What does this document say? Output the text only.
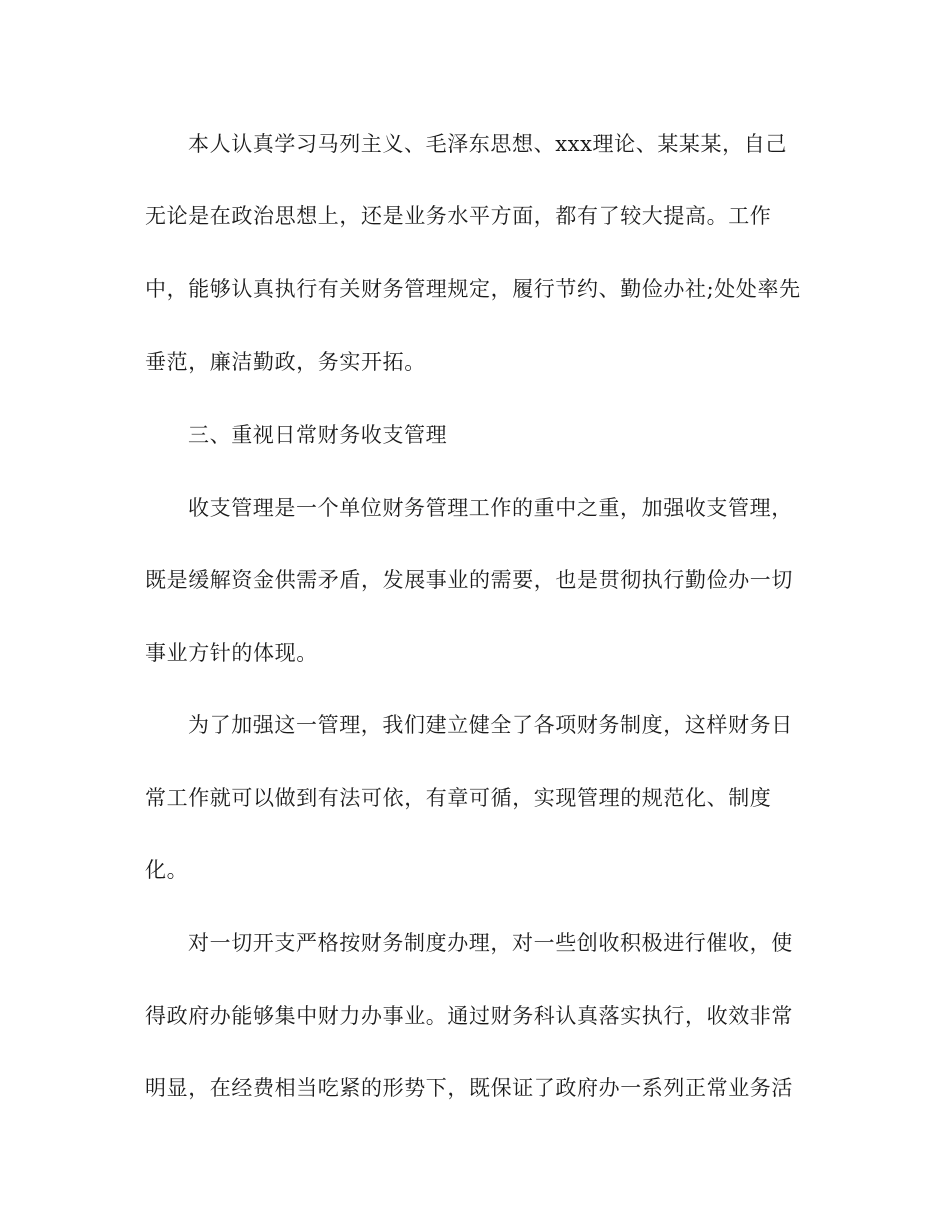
本人认真学习马列主义、毛泽东思想、xxx理论、某某某，自己
无论是在政治思想上，还是业务水平方面，都有了较大提高。工作
中，能够认真执行有关财务管理规定，履行节约、勤俭办社;处处率先
垂范，廉洁勤政，务实开拓。
三、重视日常财务收支管理
收支管理是一个单位财务管理工作的重中之重，加强收支管理，
既是缓解资金供需矛盾，发展事业的需要，也是贯彻执行勤俭办一切
事业方针的体现。
为了加强这一管理，我们建立健全了各项财务制度，这样财务日
常工作就可以做到有法可依，有章可循，实现管理的规范化、制度
化。
对一切开支严格按财务制度办理，对一些创收积极进行催收，使
得政府办能够集中财力办事业。通过财务科认真落实执行，收效非常
明显，在经费相当吃紧的形势下，既保证了政府办一系列正常业务活
